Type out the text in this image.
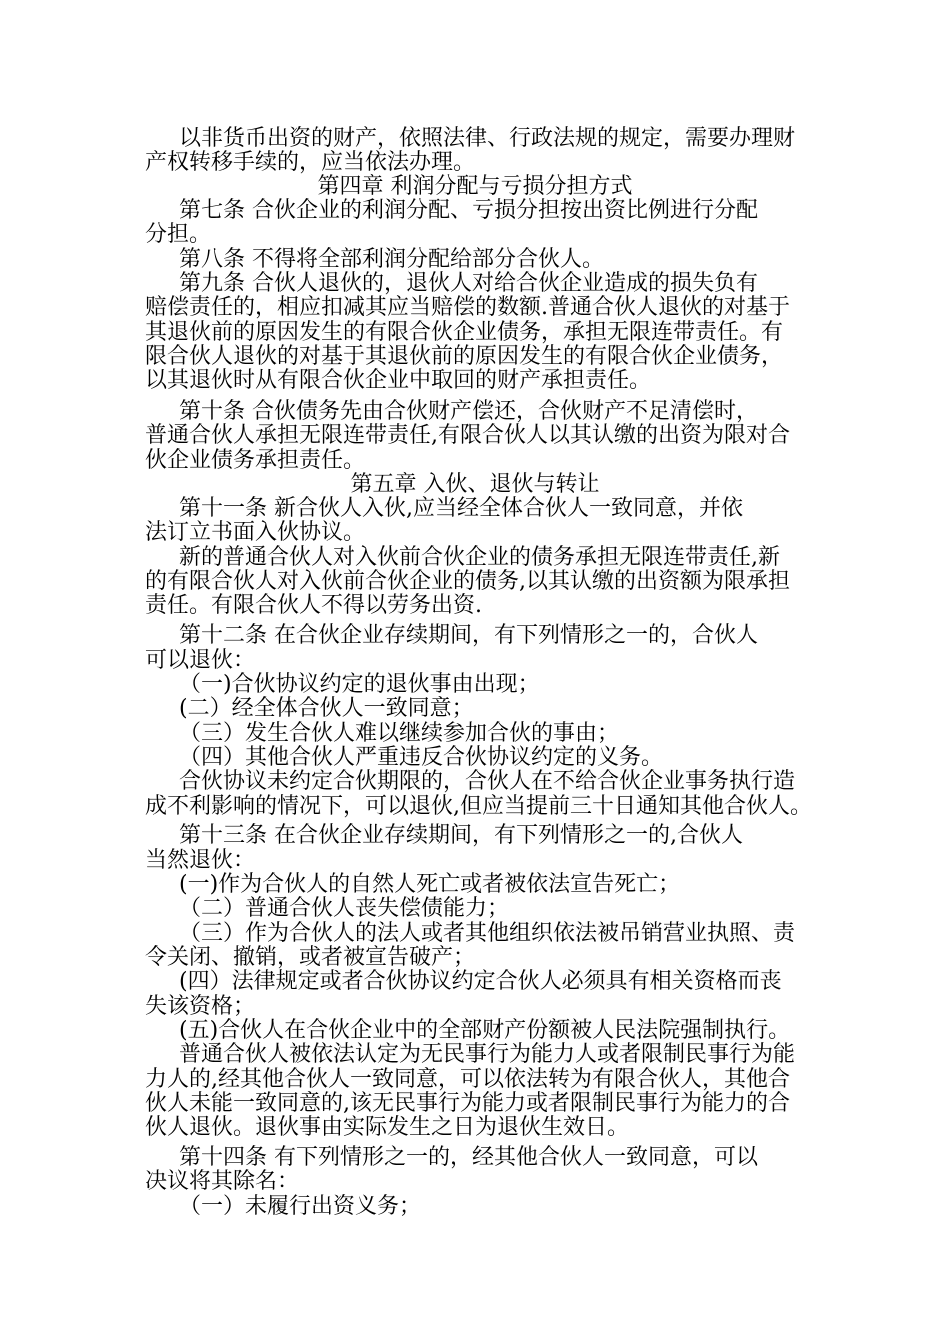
以非货币出资的财产，依照法律、行政法规的规定，需要办理财
产权转移手续的，应当依法办理。
第四章 利润分配与亏损分担方式
第七条 合伙企业的利润分配、亏损分担按出资比例进行分配
分担。
第八条 不得将全部利润分配给部分合伙人。
第九条 合伙人退伙的，退伙人对给合伙企业造成的损失负有
赔偿责任的，相应扣减其应当赔偿的数额.普通合伙人退伙的对基于
其退伙前的原因发生的有限合伙企业债务，承担无限连带责任。有
限合伙人退伙的对基于其退伙前的原因发生的有限合伙企业债务，
以其退伙时从有限合伙企业中取回的财产承担责任。
第十条 合伙债务先由合伙财产偿还，合伙财产不足清偿时，
普通合伙人承担无限连带责任,有限合伙人以其认缴的出资为限对合
伙企业债务承担责任。
第五章 入伙、退伙与转让
第十一条 新合伙人入伙,应当经全体合伙人一致同意，并依
法订立书面入伙协议。
新的普通合伙人对入伙前合伙企业的债务承担无限连带责任,新
的有限合伙人对入伙前合伙企业的债务,以其认缴的出资额为限承担
责任。有限合伙人不得以劳务出资.
第十二条 在合伙企业存续期间，有下列情形之一的，合伙人
可以退伙：
（一)合伙协议约定的退伙事由出现；
(二）经全体合伙人一致同意；
（三）发生合伙人难以继续参加合伙的事由；
（四）其他合伙人严重违反合伙协议约定的义务。
合伙协议未约定合伙期限的，合伙人在不给合伙企业事务执行造
成不利影响的情况下，可以退伙,但应当提前三十日通知其他合伙人。
第十三条 在合伙企业存续期间，有下列情形之一的,合伙人
当然退伙：
(一)作为合伙人的自然人死亡或者被依法宣告死亡；
（二）普通合伙人丧失偿债能力；
（三）作为合伙人的法人或者其他组织依法被吊销营业执照、责
令关闭、撤销，或者被宣告破产；
(四）法律规定或者合伙协议约定合伙人必须具有相关资格而丧
失该资格；
(五)合伙人在合伙企业中的全部财产份额被人民法院强制执行。
普通合伙人被依法认定为无民事行为能力人或者限制民事行为能
力人的,经其他合伙人一致同意，可以依法转为有限合伙人，其他合
伙人未能一致同意的,该无民事行为能力或者限制民事行为能力的合
伙人退伙。退伙事由实际发生之日为退伙生效日。
第十四条 有下列情形之一的，经其他合伙人一致同意，可以
决议将其除名：
（一）未履行出资义务；
